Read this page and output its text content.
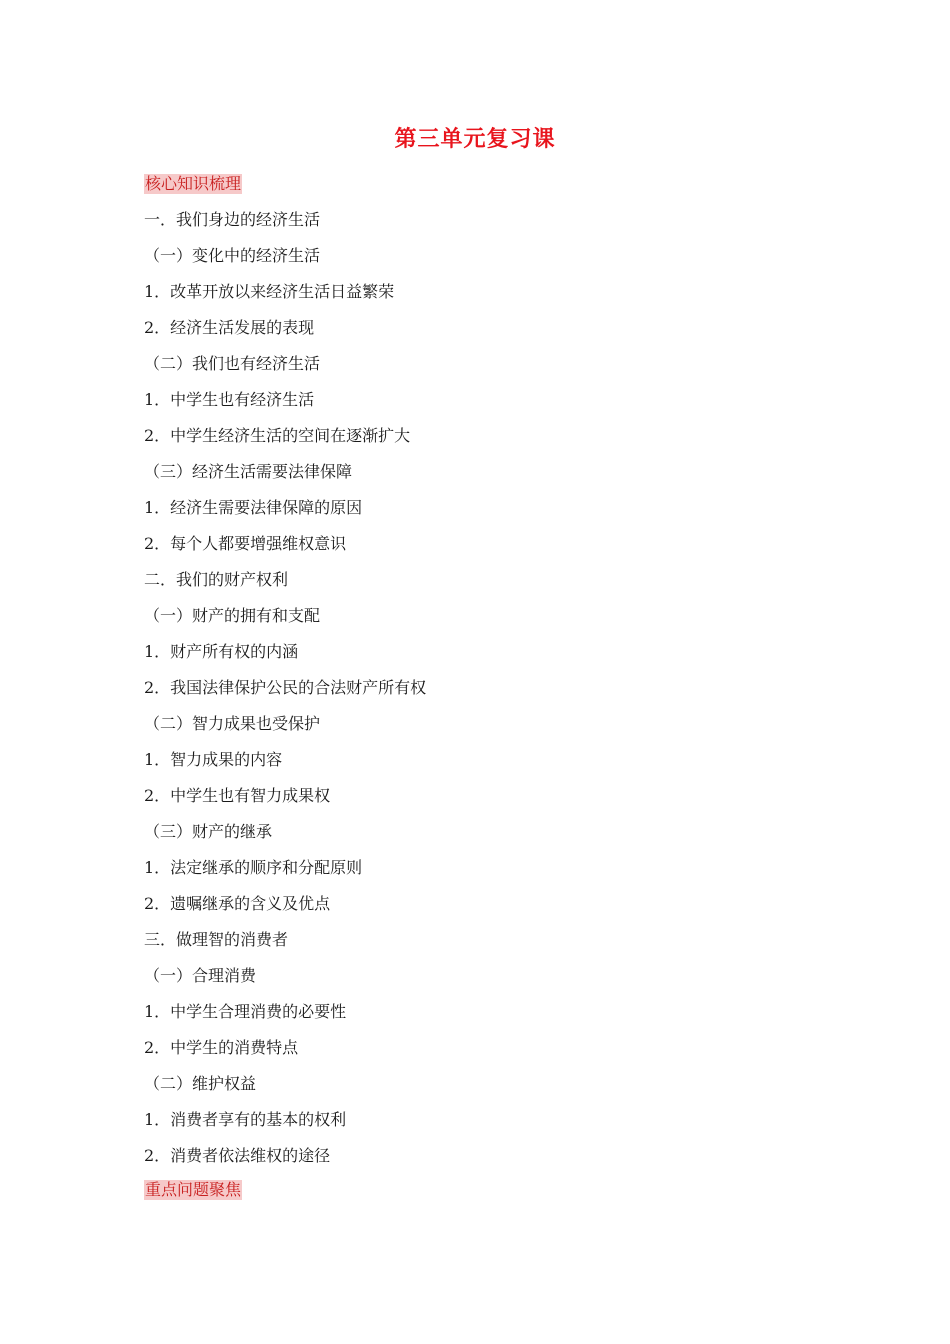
第三单元复习课
核心知识梳理
一．我们身边的经济生活
（一）变化中的经济生活
1．改革开放以来经济生活日益繁荣
2．经济生活发展的表现
（二）我们也有经济生活
1．中学生也有经济生活
2．中学生经济生活的空间在逐渐扩大
（三）经济生活需要法律保障
1．经济生需要法律保障的原因
2．每个人都要增强维权意识
二．我们的财产权利
（一）财产的拥有和支配
1．财产所有权的内涵
2．我国法律保护公民的合法财产所有权
（二）智力成果也受保护
1．智力成果的内容
2．中学生也有智力成果权
（三）财产的继承
1．法定继承的顺序和分配原则
2．遗嘱继承的含义及优点
三．做理智的消费者
（一）合理消费
1．中学生合理消费的必要性
2．中学生的消费特点
（二）维护权益
1．消费者享有的基本的权利
2．消费者依法维权的途径
重点问题聚焦
